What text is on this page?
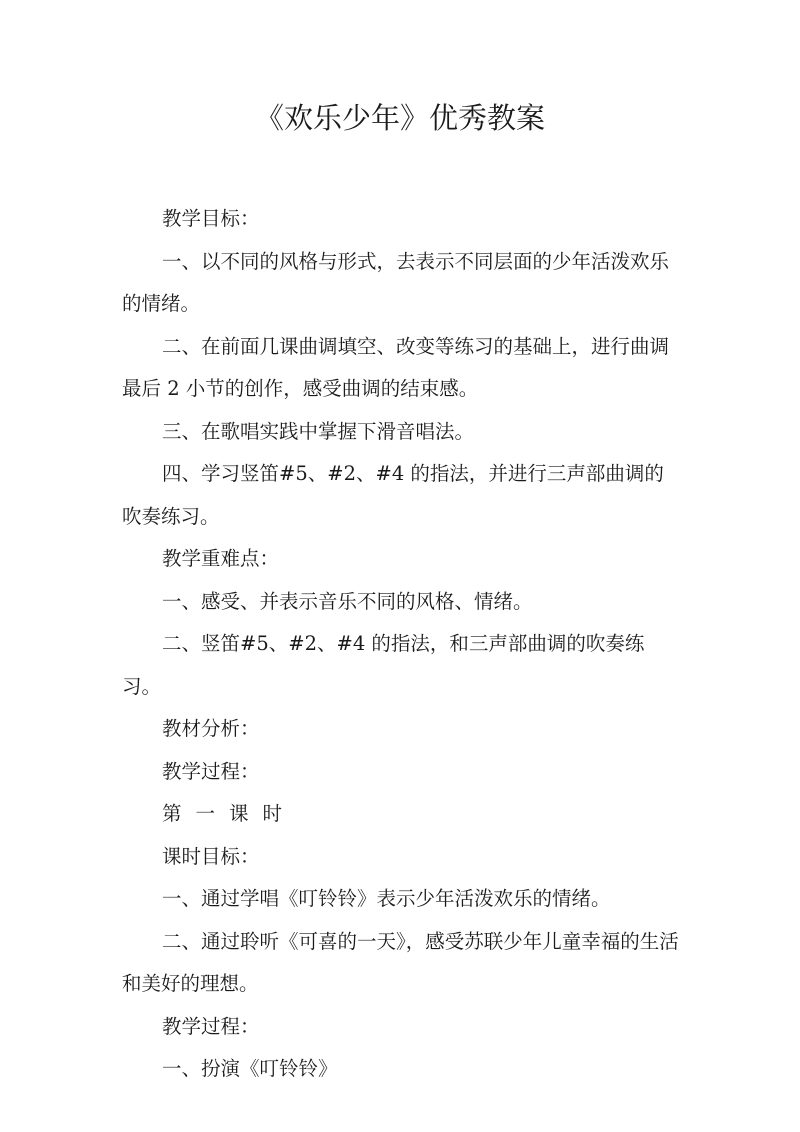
《欢乐少年》优秀教案

教学目标：

一、以不同的风格与形式，去表示不同层面的少年活泼欢乐的情绪。

二、在前面几课曲调填空、改变等练习的基础上，进行曲调最后 2 小节的创作，感受曲调的结束感。

三、在歌唱实践中掌握下滑音唱法。

四、学习竖笛#5、#2、#4 的指法，并进行三声部曲调的吹奏练习。

教学重难点：

一、感受、并表示音乐不同的风格、情绪。

二、竖笛#5、#2、#4 的指法，和三声部曲调的吹奏练习。

教材分析：

教学过程：

第一课时

课时目标：

一、通过学唱《叮铃铃》表示少年活泼欢乐的情绪。

二、通过聆听《可喜的一天》，感受苏联少年儿童幸福的生活和美好的理想。

教学过程：

一、扮演《叮铃铃》
